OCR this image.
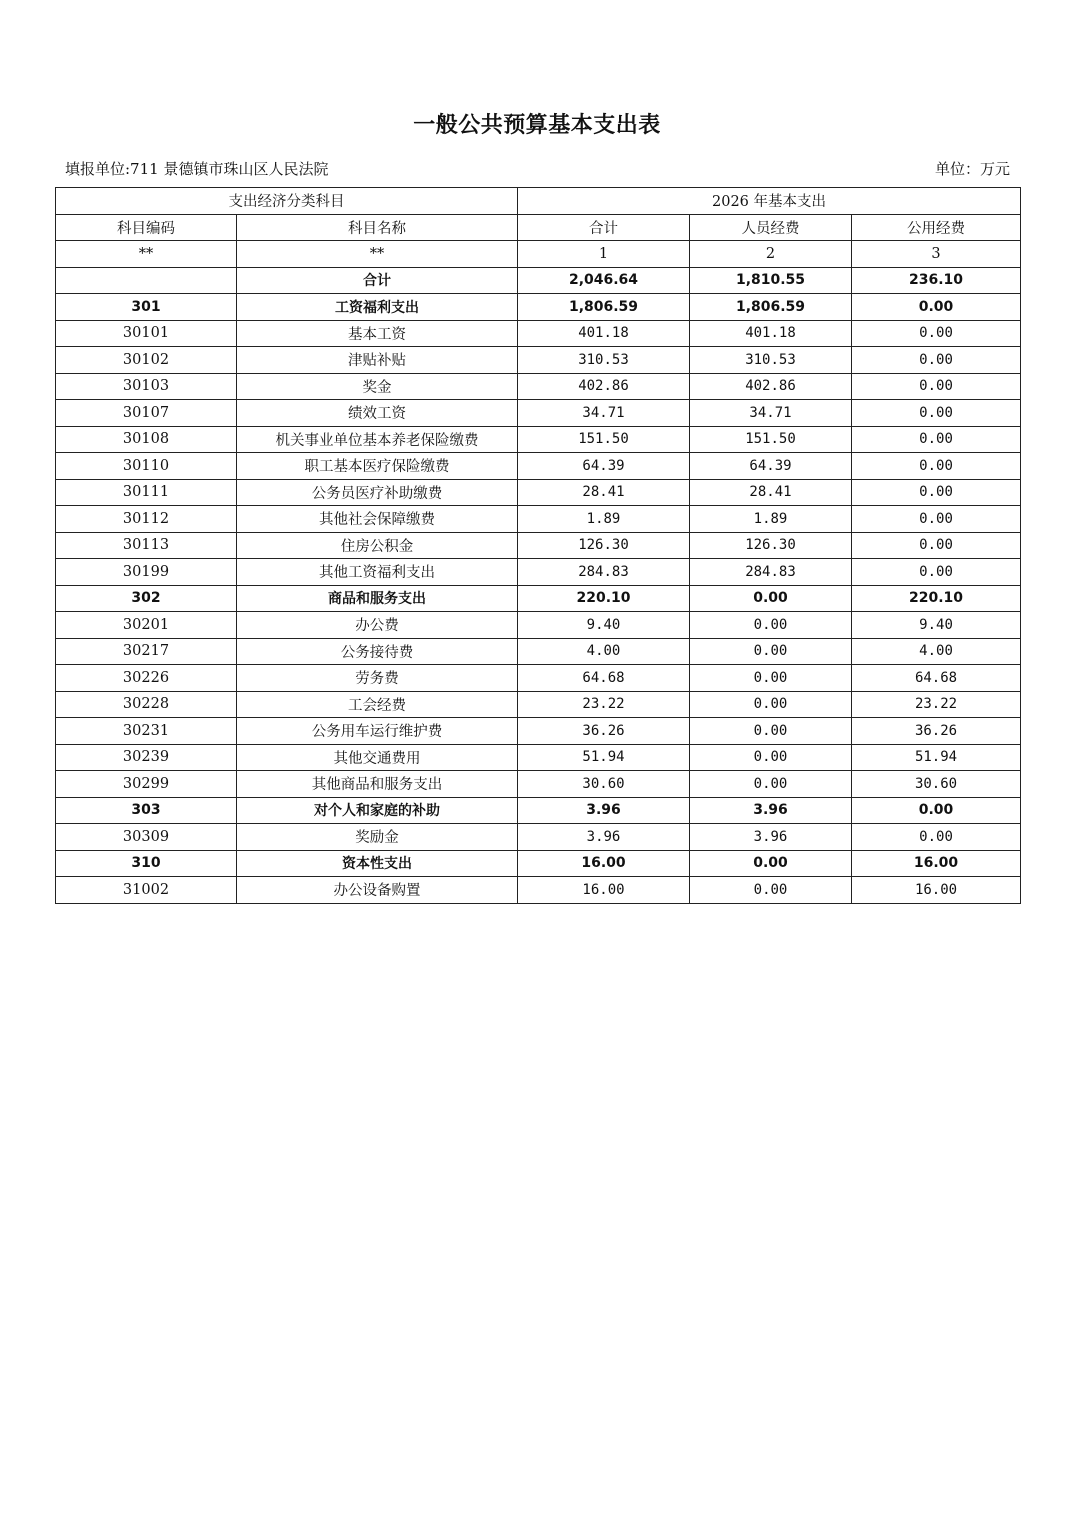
一般公共预算基本支出表
填报单位:711 景德镇市珠山区人民法院	单位：万元
支出经济分类科目		2026 年基本支出		
科目编码	科目名称	合计	人员经费	公用经费
**	**	1	2	3
	合计	2,046.64	1,810.55	236.10
301	工资福利支出	1,806.59	1,806.59	0.00
30101	基本工资	401.18	401.18	0.00
30102	津贴补贴	310.53	310.53	0.00
30103	奖金	402.86	402.86	0.00
30107	绩效工资	34.71	34.71	0.00
30108	机关事业单位基本养老保险缴费	151.50	151.50	0.00
30110	职工基本医疗保险缴费	64.39	64.39	0.00
30111	公务员医疗补助缴费	28.41	28.41	0.00
30112	其他社会保障缴费	1.89	1.89	0.00
30113	住房公积金	126.30	126.30	0.00
30199	其他工资福利支出	284.83	284.83	0.00
302	商品和服务支出	220.10	0.00	220.10
30201	办公费	9.40	0.00	9.40
30217	公务接待费	4.00	0.00	4.00
30226	劳务费	64.68	0.00	64.68
30228	工会经费	23.22	0.00	23.22
30231	公务用车运行维护费	36.26	0.00	36.26
30239	其他交通费用	51.94	0.00	51.94
30299	其他商品和服务支出	30.60	0.00	30.60
303	对个人和家庭的补助	3.96	3.96	0.00
30309	奖励金	3.96	3.96	0.00
310	资本性支出	16.00	0.00	16.00
31002	办公设备购置	16.00	0.00	16.00
